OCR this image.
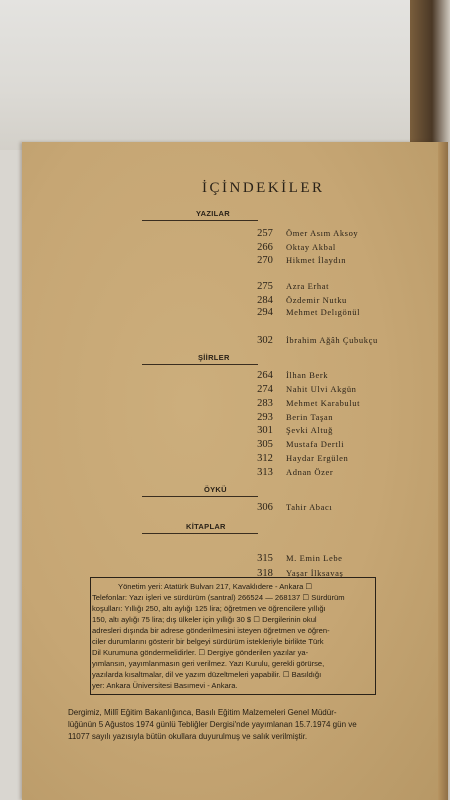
İÇİNDEKİLER
YAZILAR
257	Ömer Asım Aksoy
266	Oktay Akbal
270	Hikmet İlaydın
275	Azra Erhat
284	Özdemir Nutku
294	Mehmet Delıgönül
302	İbrahim Ağâh Çubukçu
ŞİİRLER
264	İlhan Berk
274	Nahit Ulvi Akgün
283	Mehmet Karabulut
293	Berin Taşan
301	Şevki Altuğ
305	Mustafa Dertli
312	Haydar Ergülen
313	Adnan Özer
ÖYKÜ
306	Tahir Abacı
KİTAPLAR
315	M. Emin Lebe
318	Yaşar İlksavaş
Yönetim yeri: Atatürk Bulvarı 217, Kavaklıdere - Ankara ☐
Telefonlar: Yazı işleri ve sürdürüm (santral) 266524 — 268137 ☐ Sürdürüm
koşulları: Yıllığı 250, altı aylığı 125 lira; öğretmen ve öğrencilere yıllığı
150, altı aylığı 75 lira; dış ülkeler için yıllığı 30 $ ☐ Dergilerinin okul
adresleri dışında bir adrese gönderilmesini isteyen öğretmen ve öğren-
ciler durumlarını gösterir bir belgeyi sürdürüm istekleriyle birlikte Türk
Dil Kurumuna göndermelidirler. ☐ Dergiye gönderilen yazılar ya-
yımlansın, yayımlanmasın geri verilmez. Yazı Kurulu, gerekli görürse,
yazılarda kısaltmalar, dil ve yazım düzeltmeleri yapabilir. ☐ Basıldığı
yer: Ankara Üniversitesi Basımevi - Ankara.
Dergimiz, Millî Eğitim Bakanlığınca, Basılı Eğitim Malzemeleri Genel Müdür-
lüğünün 5 Ağustos 1974 günlü Tebliğler Dergisi'nde yayımlanan 15.7.1974 gün ve
11077 sayılı yazısıyla bütün okullara duyurulmuş ve salık verilmiştir.
